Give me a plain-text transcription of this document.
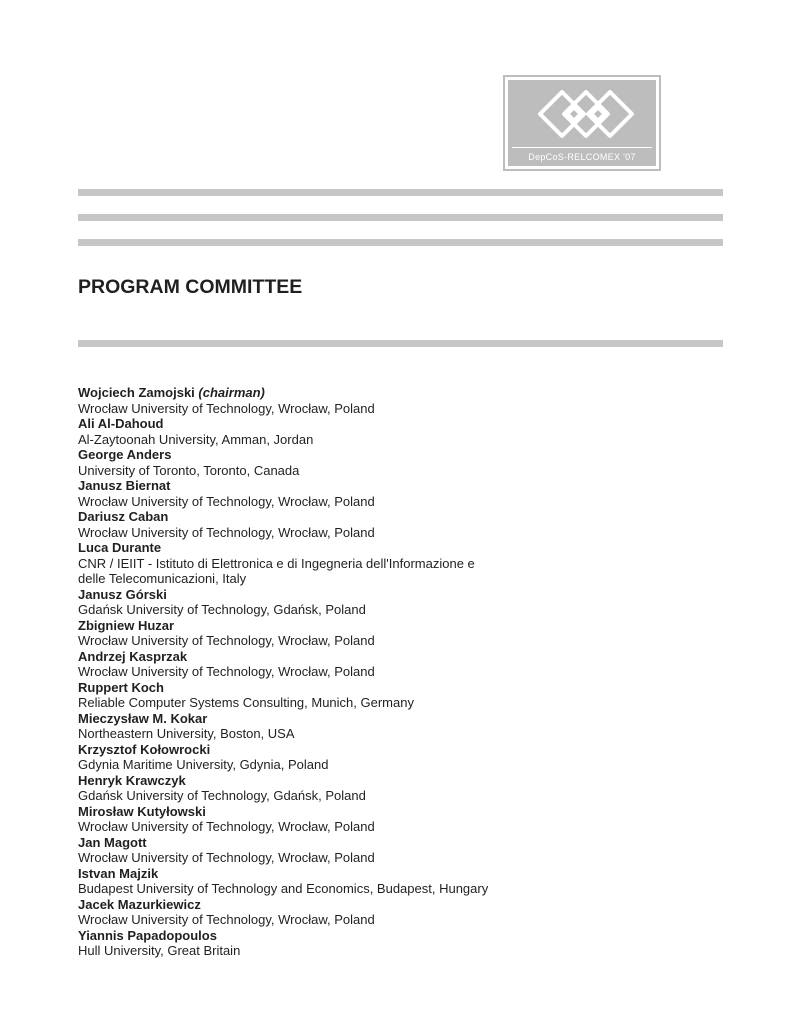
DepCoS-RELCOMEX '07
PROGRAM COMMITTEE
Wojciech Zamojski (chairman)
Wrocław University of Technology, Wrocław, Poland
Ali Al-Dahoud
Al-Zaytoonah University, Amman, Jordan
George Anders
University of Toronto, Toronto, Canada
Janusz Biernat
Wrocław University of Technology, Wrocław, Poland
Dariusz Caban
Wrocław University of Technology, Wrocław, Poland
Luca Durante
CNR / IEIIT - Istituto di Elettronica e di Ingegneria dell'Informazione e
delle Telecomunicazioni, Italy
Janusz Górski
Gdańsk University of Technology, Gdańsk, Poland
Zbigniew Huzar
Wrocław University of Technology, Wrocław, Poland
Andrzej Kasprzak
Wrocław University of Technology, Wrocław, Poland
Ruppert Koch
Reliable Computer Systems Consulting, Munich, Germany
Mieczysław M. Kokar
Northeastern University, Boston, USA
Krzysztof Kołowrocki
Gdynia Maritime University, Gdynia, Poland
Henryk Krawczyk
Gdańsk University of Technology, Gdańsk, Poland
Mirosław Kutyłowski
Wrocław University of Technology, Wrocław, Poland
Jan Magott
Wrocław University of Technology, Wrocław, Poland
Istvan Majzik
Budapest University of Technology and Economics, Budapest, Hungary
Jacek Mazurkiewicz
Wrocław University of Technology, Wrocław, Poland
Yiannis Papadopoulos
Hull University, Great Britain
